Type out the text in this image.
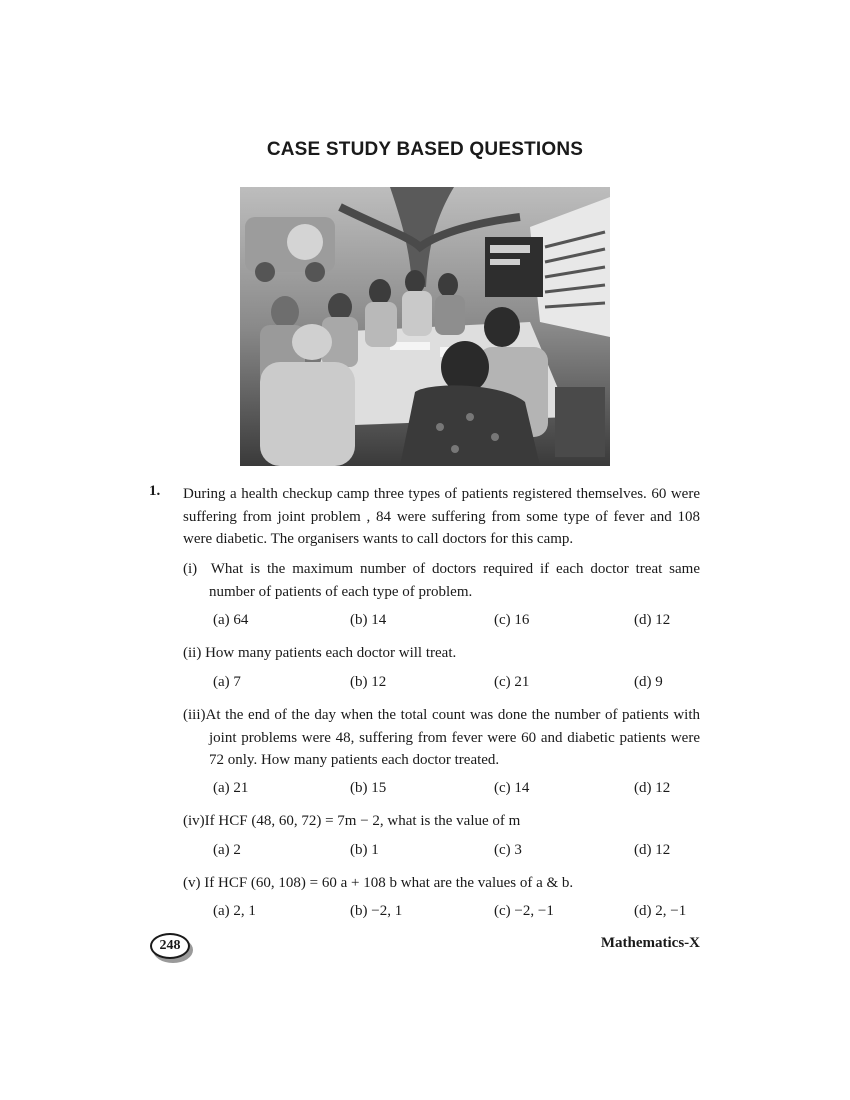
CASE STUDY BASED QUESTIONS
1. During a health checkup camp three types of patients registered themselves. 60 were suffering from joint problem , 84 were suffering from some type of fever and 108 were diabetic. The organisers wants to call doctors for this camp.
(i) What is the maximum number of doctors required if each doctor treat same number of patients of each type of problem.
(a) 64	(b) 14	(c) 16	(d) 12
(ii) How many patients each doctor will treat.
(a) 7	(b) 12	(c) 21	(d) 9
(iii)At the end of the day when the total count was done the number of patients with joint problems were 48, suffering from fever were 60 and diabetic patients were 72 only. How many patients each doctor treated.
(a) 21	(b) 15	(c) 14	(d) 12
(iv)If HCF (48, 60, 72) = 7m − 2, what is the value of m
(a) 2	(b) 1	(c) 3	(d) 12
(v) If HCF (60, 108) = 60 a + 108 b what are the values of a & b.
(a) 2, 1	(b) −2, 1	(c) −2, −1	(d) 2, −1
248	Mathematics-X
